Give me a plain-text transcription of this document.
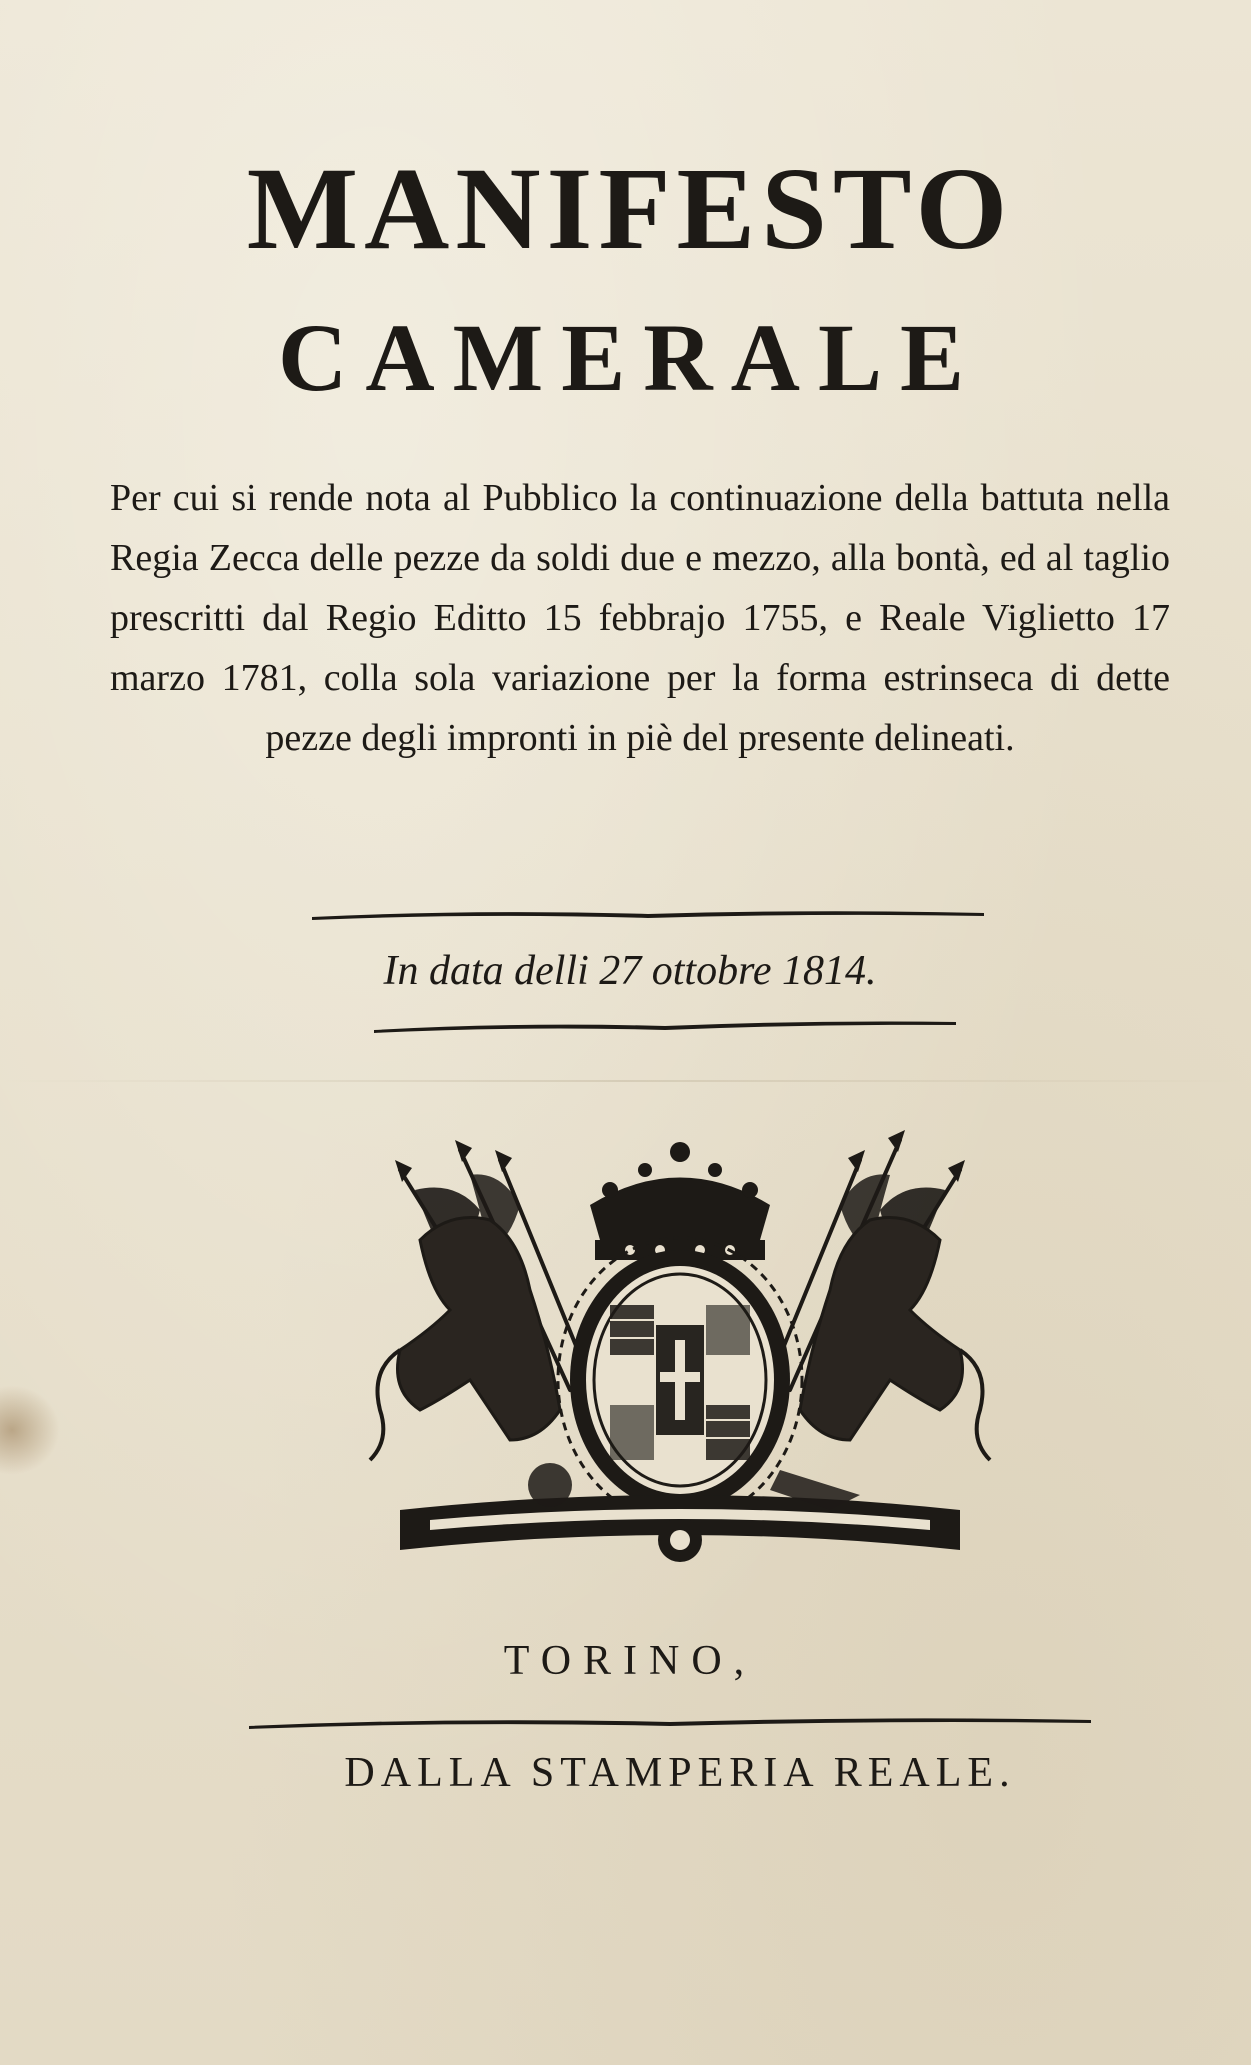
MANIFESTO
CAMERALE
Per cui si rende nota al Pubblico la continuazione della battuta nella Regia Zecca delle pezze da soldi due e mezzo, alla bontà, ed al taglio prescritti dal Regio Editto 15 febbrajo 1755, e Reale Viglietto 17 marzo 1781, colla sola variazione per la forma estrinseca di dette pezze degli impronti in piè del presente delineati.
In data delli 27 ottobre 1814.
TORINO,
DALLA STAMPERIA REALE.
